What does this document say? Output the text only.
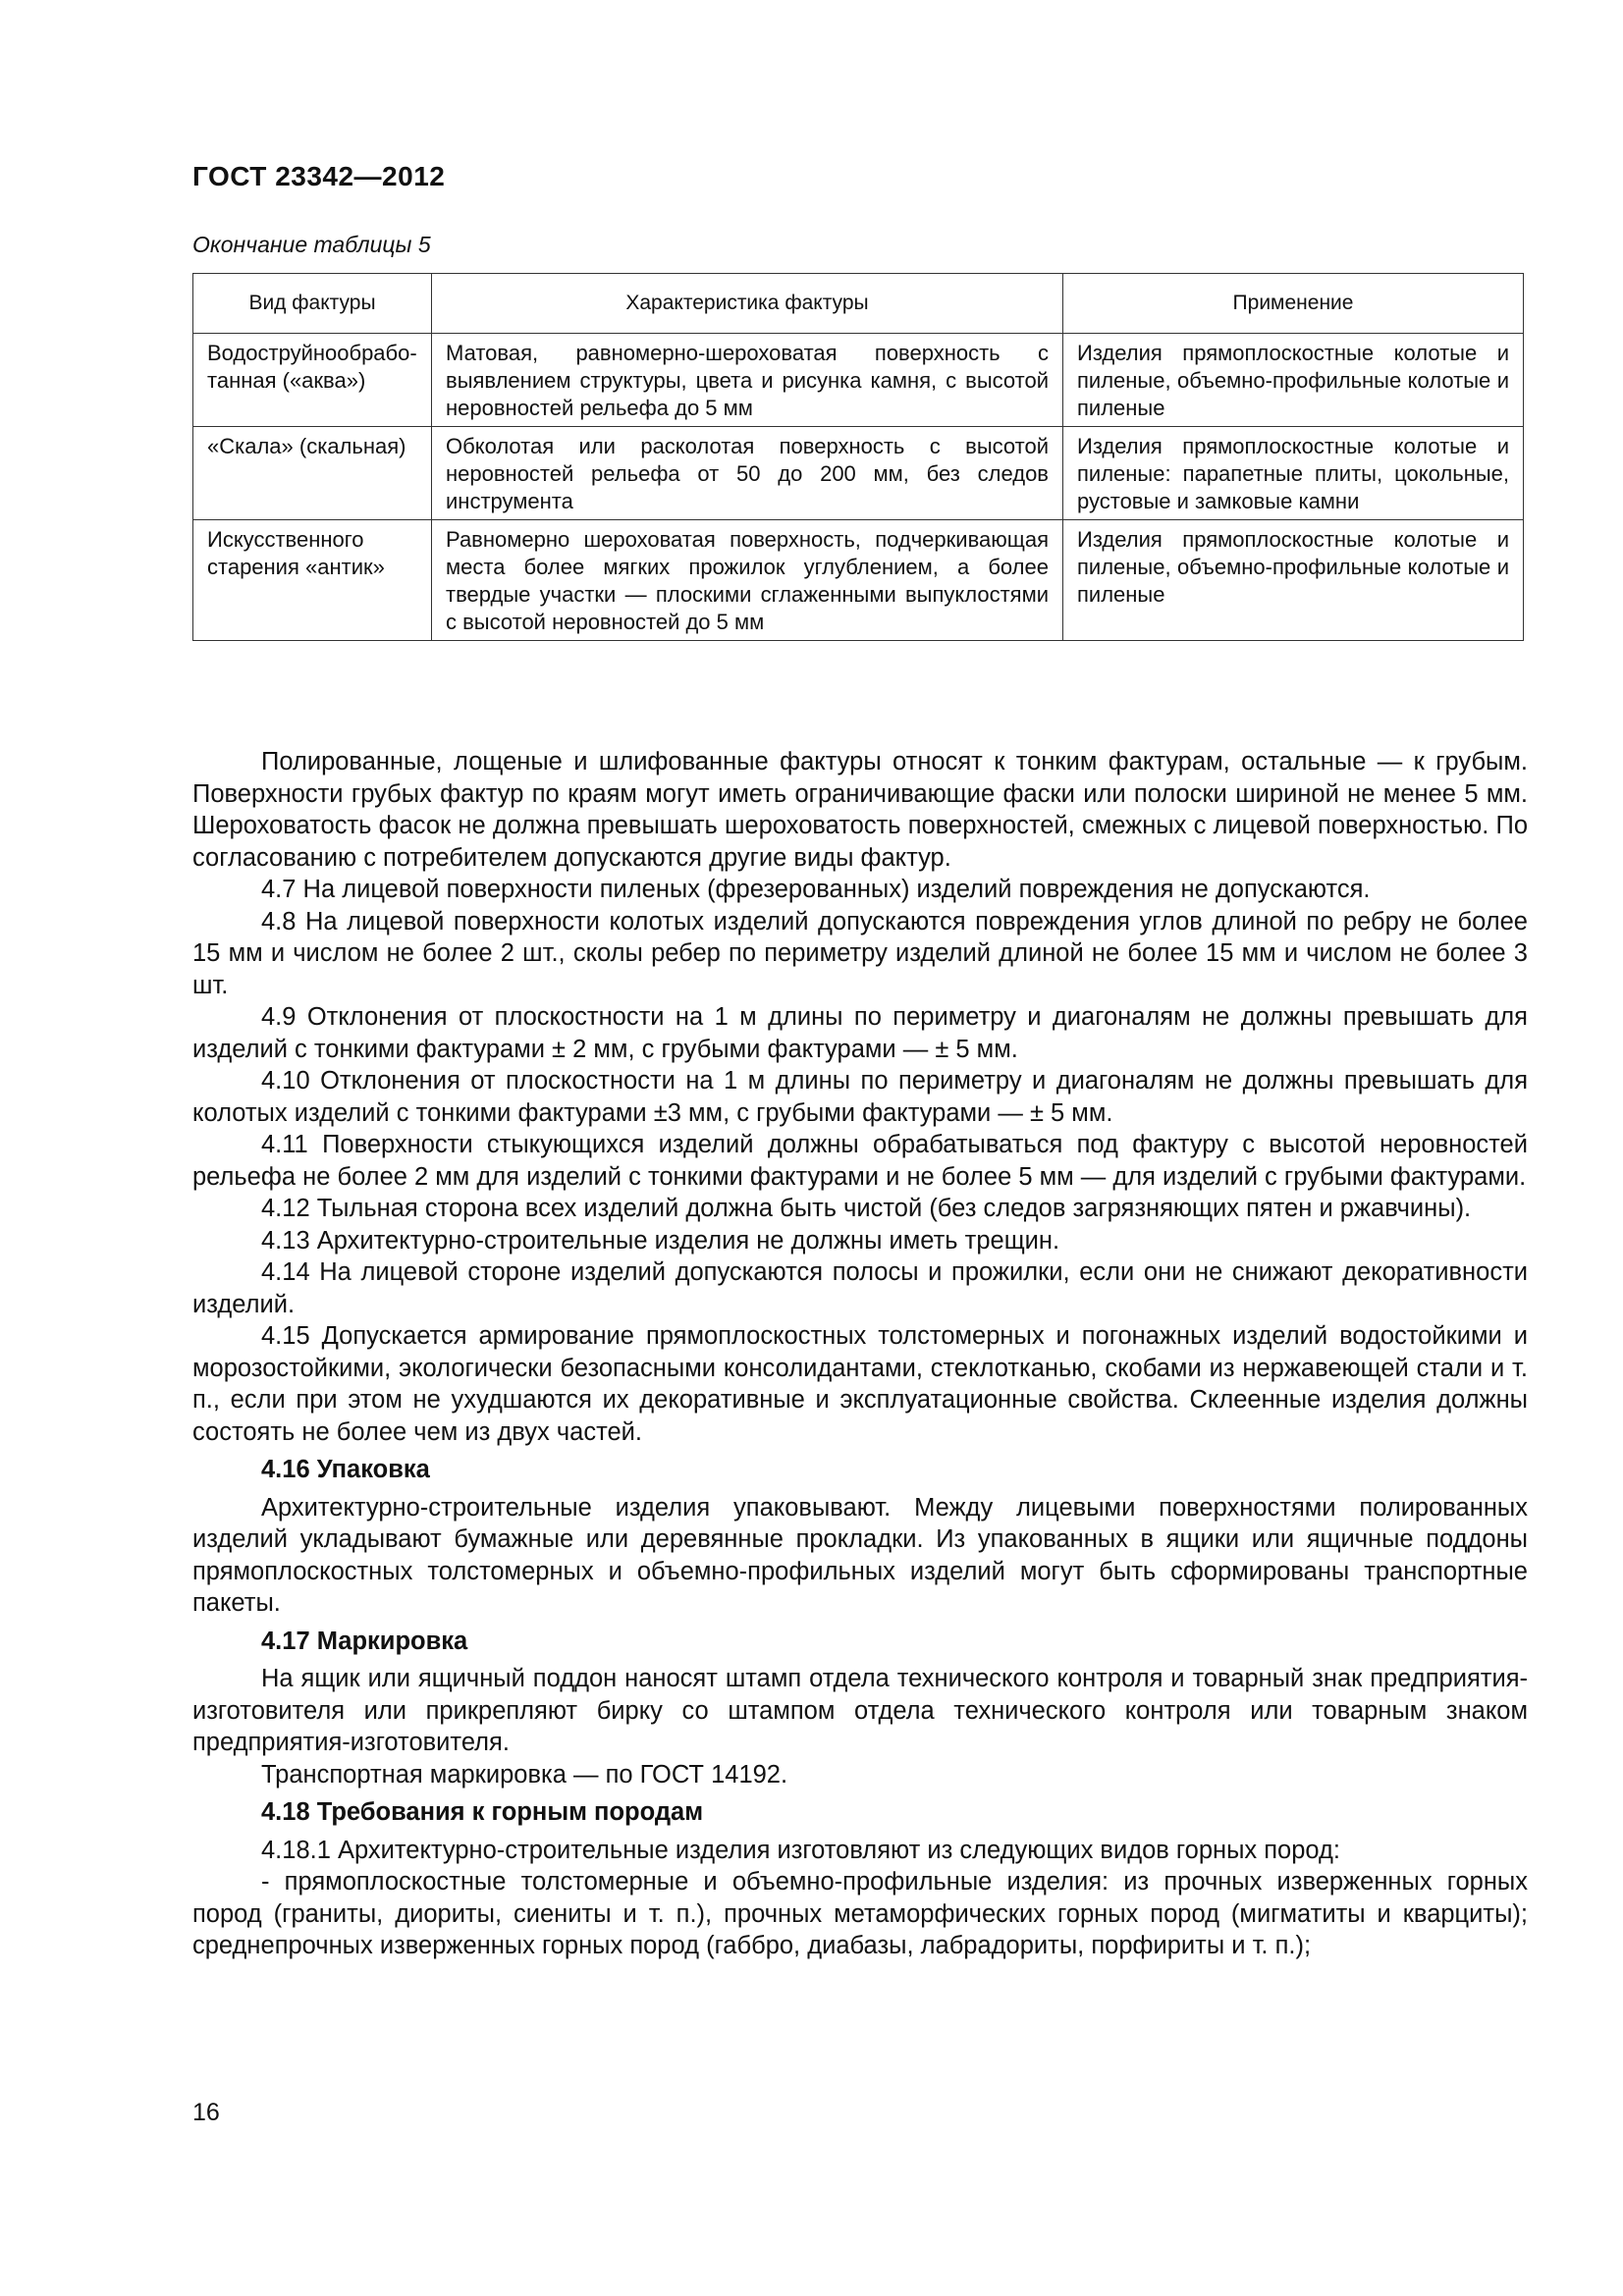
ГОСТ 23342—2012
Окончание таблицы 5
Вид фактуры	Характеристика фактуры	Применение
Водоструйнообрабо-
танная («аква»)	Матовая, равномерно-шероховатая поверхность с выявлением структуры, цвета и рисунка камня, с высотой неровностей рельефа до 5 мм	Изделия прямоплоскостные колотые и пиленые, объемно-профильные колотые и пиленые
«Скала» (скальная)	Обколотая или расколотая поверхность с высотой неровностей рельефа от 50 до 200 мм, без следов инструмента	Изделия прямоплоскостные колотые и пиленые: парапетные плиты, цокольные, рустовые и замковые камни
Искусственного старения «антик»	Равномерно шероховатая поверхность, подчеркивающая места более мягких прожилок углублением, а более твердые участки — плоскими сглаженными выпуклостями с высотой неровностей до 5 мм	Изделия прямоплоскостные колотые и пиленые, объемно-профильные колотые и пиленые

Полированные, лощеные и шлифованные фактуры относят к тонким фактурам, остальные — к грубым. Поверхности грубых фактур по краям могут иметь ограничивающие фаски или полоски шириной не менее 5 мм. Шероховатость фасок не должна превышать шероховатость поверхностей, смежных с лицевой поверхностью. По согласованию с потребителем допускаются другие виды фактур.

4.7 На лицевой поверхности пиленых (фрезерованных) изделий повреждения не допускаются.

4.8 На лицевой поверхности колотых изделий допускаются повреждения углов длиной по ребру не более 15 мм и числом не более 2 шт., сколы ребер по периметру изделий длиной не более 15 мм и числом не более 3 шт.

4.9 Отклонения от плоскостности на 1 м длины по периметру и диагоналям не должны превышать для изделий с тонкими фактурами ± 2 мм, с грубыми фактурами — ± 5 мм.

4.10 Отклонения от плоскостности на 1 м длины по периметру и диагоналям не должны превышать для колотых изделий с тонкими фактурами ±3 мм, с грубыми фактурами — ± 5 мм.

4.11 Поверхности стыкующихся изделий должны обрабатываться под фактуру с высотой неровностей рельефа не более 2 мм для изделий с тонкими фактурами и не более 5 мм — для изделий с грубыми фактурами.

4.12 Тыльная сторона всех изделий должна быть чистой (без следов загрязняющих пятен и ржавчины).

4.13 Архитектурно-строительные изделия не должны иметь трещин.

4.14 На лицевой стороне изделий допускаются полосы и прожилки, если они не снижают декоративности изделий.

4.15 Допускается армирование прямоплоскостных толстомерных и погонажных изделий водостойкими и морозостойкими, экологически безопасными консолидантами, стеклотканью, скобами из нержавеющей стали и т. п., если при этом не ухудшаются их декоративные и эксплуатационные свойства. Склеенные изделия должны состоять не более чем из двух частей.

4.16 Упаковка

Архитектурно-строительные изделия упаковывают. Между лицевыми поверхностями полированных изделий укладывают бумажные или деревянные прокладки. Из упакованных в ящики или ящичные поддоны прямоплоскостных толстомерных и объемно-профильных изделий могут быть сформированы транспортные пакеты.

4.17 Маркировка

На ящик или ящичный поддон наносят штамп отдела технического контроля и товарный знак предприятия-изготовителя или прикрепляют бирку со штампом отдела технического контроля или товарным знаком предприятия-изготовителя.

Транспортная маркировка — по ГОСТ 14192.

4.18 Требования к горным породам

4.18.1 Архитектурно-строительные изделия изготовляют из следующих видов горных пород:

- прямоплоскостные толстомерные и объемно-профильные изделия: из прочных изверженных горных пород (граниты, диориты, сиениты и т. п.), прочных метаморфических горных пород (мигматиты и кварциты); среднепрочных изверженных горных пород (габбро, диабазы, лабрадориты, порфириты и т. п.);

16
